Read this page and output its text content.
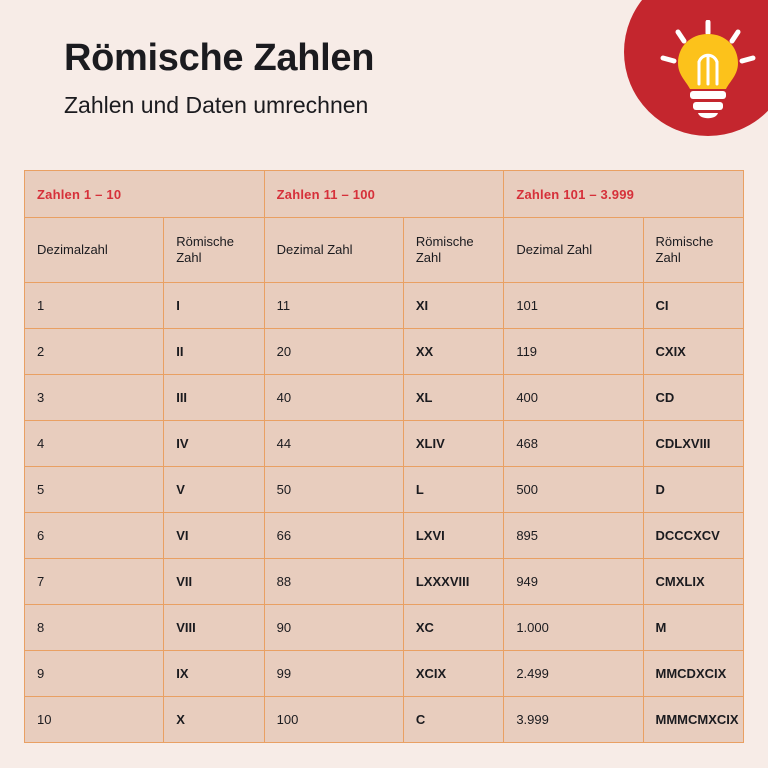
Römische Zahlen

Zahlen und Daten umrechnen

Zahlen 1 – 10		Zahlen 11 – 100		Zahlen 101 – 3.999	
Dezimalzahl	Römische Zahl	Dezimal Zahl	Römische Zahl	Dezimal Zahl	Römische Zahl
1	I	11	XI	101	CI
2	II	20	XX	119	CXIX
3	III	40	XL	400	CD
4	IV	44	XLIV	468	CDLXVIII
5	V	50	L	500	D
6	VI	66	LXVI	895	DCCCXCV
7	VII	88	LXXXVIII	949	CMXLIX
8	VIII	90	XC	1.000	M
9	IX	99	XCIX	2.499	MMCDXCIX
10	X	100	C	3.999	MMMCMXCIX
